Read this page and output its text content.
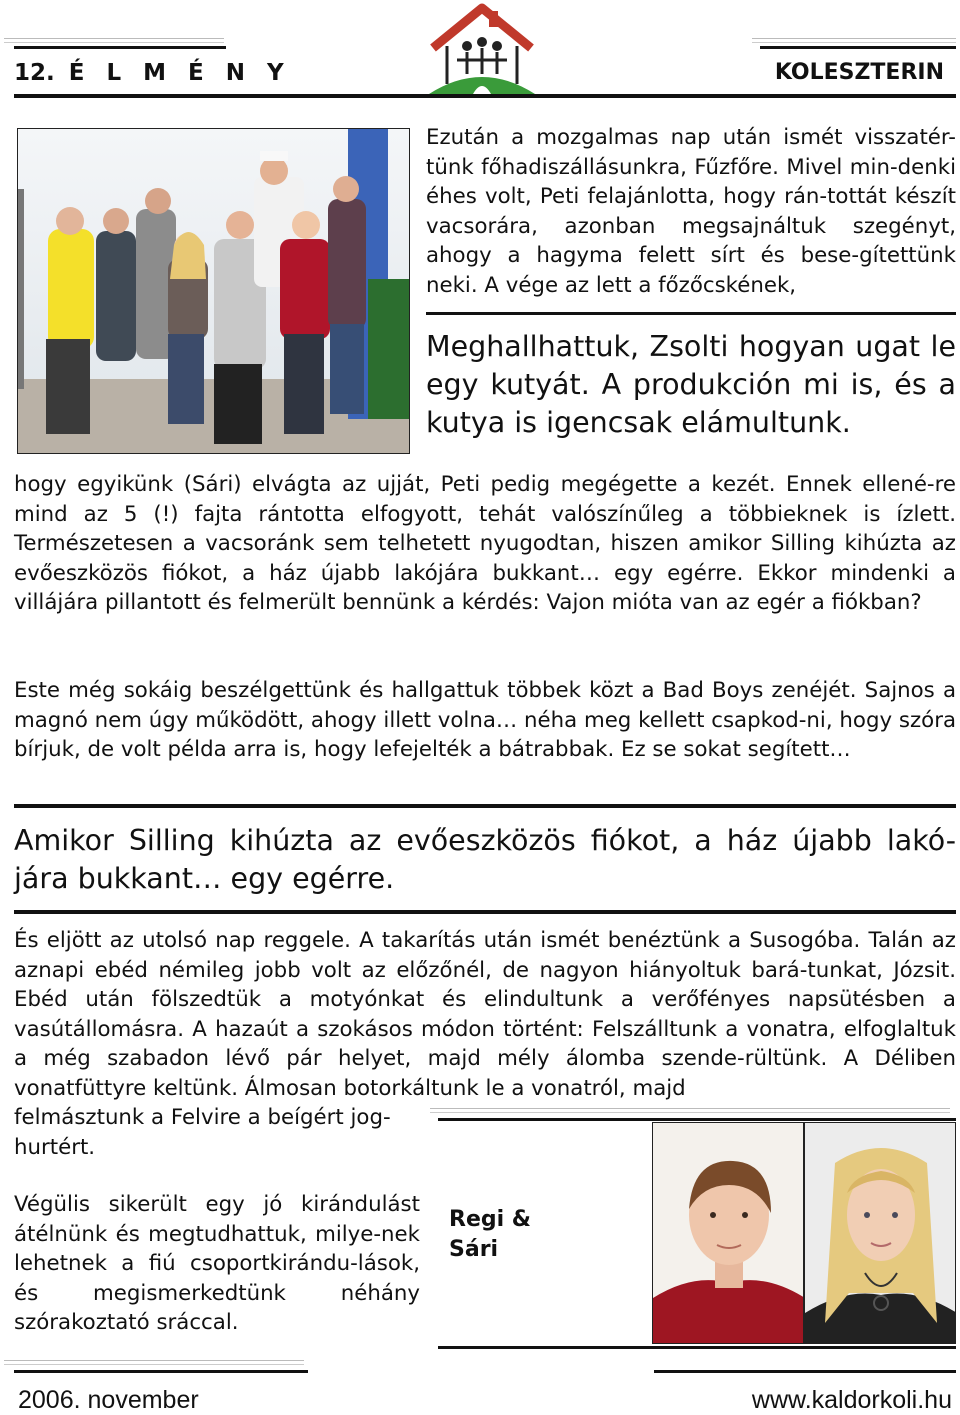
12. É L M É N Y	KOLESZTERIN
Ezután a mozgalmas nap után ismét visszatér-tünk főhadiszállásunkra, Fűzfőre. Mivel min-denki éhes volt, Peti felajánlotta, hogy rán-tottát készít vacsorára, azonban megsajnáltuk szegényt, ahogy a hagyma felett sírt és bese-gítettünk neki. A vége az lett a főzőcskének,
Meghallhattuk, Zsolti hogyan ugat le egy kutyát. A produkción mi is, és a kutya is igencsak elámultunk.
hogy egyikünk (Sári) elvágta az ujját, Peti pedig megégette a kezét. Ennek ellené-re mind az 5 (!) fajta rántotta elfogyott, tehát valószínűleg a többieknek is ízlett. Természetesen a vacsoránk sem telhetett nyugodtan, hiszen amikor Silling kihúzta az evőeszközös fiókot, a ház újabb lakójára bukkant… egy egérre. Ekkor mindenki a villájára pillantott és felmerült bennünk a kérdés: Vajon mióta van az egér a fiókban?
Este még sokáig beszélgettünk és hallgattuk többek közt a Bad Boys zenéjét. Sajnos a magnó nem úgy működött, ahogy illett volna… néha meg kellett csapkod-ni, hogy szóra bírjuk, de volt példa arra is, hogy lefejelték a bátrabbak. Ez se sokat segített…
Amikor Silling kihúzta az evőeszközös fiókot, a ház újabb lakó-jára bukkant… egy egérre.
És eljött az utolsó nap reggele. A takarítás után ismét benéztünk a Susogóba. Talán az aznapi ebéd némileg jobb volt az előzőnél, de nagyon hiányoltuk bará-tunkat, Józsit. Ebéd után fölszedtük a motyónkat és elindultunk a verőfényes napsütésben a vasútállomásra. A hazaút a szokásos módon történt: Felszálltunk a vonatra, elfoglaltuk a még szabadon lévő pár helyet, majd mély álomba szende-rültünk. A Déliben vonatfüttyre keltünk. Álmosan botorkáltunk le a vonatról, majd
felmásztunk a Felvire a beígért jog-hurtért.
Végülis sikerült egy jó kirándulást átélnünk és megtudhattuk, milye-nek lehetnek a fiú csoportkirándu-lások, és megismerkedtünk néhány szórakoztató sráccal.
Regi &
Sári
2006. november	www.kaldorkoli.hu
